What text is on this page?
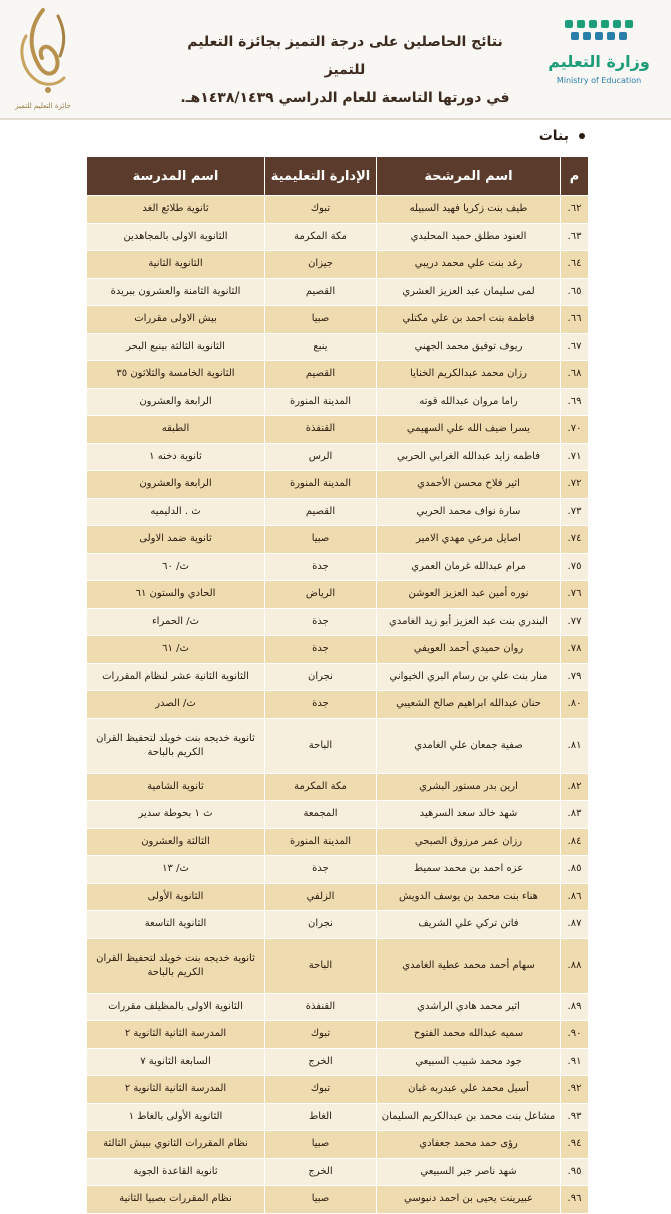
جائزة التعليم للتميز
نتائج الحاصلين على درجة التميز بجائزة التعليم للتميز
في دورتها التاسعة للعام الدراسي ١٤٣٨/١٤٣٩هـ.
وزارة التعليم
Ministry of Education
بنات
م	اسم المرشحة	الإدارة التعليمية	اسم المدرسة
٦٢.	طيف بنت زكريا فهيد السبيله	تبوك	ثانوية طلائع الغد
٦٣.	العنود مطلق حميد المحلبدي	مكة المكرمة	الثانوية الاولى بالمجاهدين
٦٤.	رغد بنت علي محمد دريبي	جيزان	الثانوية الثانية
٦٥.	لمى سليمان عبد العزيز العشري	القصيم	الثانوية الثامنة والعشرون ببريدة
٦٦.	فاطمة بنت احمد بن علي مكتلي	صبيا	بيش الاولى مقررات
٦٧.	ريوف توفيق محمد الجهني	ينبع	الثانوية الثالثة بينبع البحر
٦٨.	رزان محمد عبدالكريم الخنايا	القصيم	الثانوية الخامسة والثلاثون ٣٥
٦٩.	راما مروان عبدالله قوته	المدينة المنورة	الرابعة والعشرون
٧٠.	يسرا ضيف الله علي السهيمي	القنفذة	الطبقه
٧١.	فاطمه زايد عبدالله الغرابي الحربي	الرس	ثانوية دخنه ١
٧٢.	اثير فلاح محسن الأحمدي	المدينة المنورة	الرابعة والعشرون
٧٣.	سارة نواف محمد الحربي	القصيم	ث . الدليميه
٧٤.	اصايل مرعي مهدي الامير	صبيا	ثانوية ضمد الاولى
٧٥.	مرام عبدالله غرمان العمري	جدة	ث/ ٦٠
٧٦.	نوره أمين عبد العزيز العوشن	الرياض	الحادي والستون ٦١
٧٧.	البندري بنت عبد العزيز أبو زيد الغامدي	جدة	ث/ الحمراء
٧٨.	روان حميدي أحمد العويفي	جدة	ث/ ٦١
٧٩.	منار بنت علي بن رسام البري الخيواني	نجران	الثانوية الثانية عشر لنظام المقررات
٨٠.	حنان عبدالله ابراهيم صالح الشعيبي	جدة	ث/ الصدر
٨١.	صفية جمعان علي الغامدي	الباحة	ثانوية خديجه بنت خويلد لتحفيظ القران الكريم بالباحة
٨٢.	ارين بدر مستور البشري	مكة المكرمة	ثانوية الشامية
٨٣.	شهد خالد سعد السرهيد	المجمعة	ث ١ بحوطة سدير
٨٤.	رزان عمر مرزوق الصبحي	المدينة المنورة	الثالثة والعشرون
٨٥.	عزه احمد بن محمد سميط	جدة	ث/ ١٣
٨٦.	هناء بنت محمد بن يوسف الدويش	الزلفي	الثانوية الأولى
٨٧.	فاتن تركي علي الشريف	نجران	الثانوية التاسعة
٨٨.	سهام أحمد محمد عطية الغامدي	الباحة	ثانوية خديجه بنت خويلد لتحفيظ القران الكريم بالباحة
٨٩.	اثير محمد هادي الراشدي	القنفذة	الثانوية الاولى بالمظيلف مقررات
٩٠.	سميه عبدالله محمد الفتوح	تبوك	المدرسة الثانية الثانوية ٢
٩١.	جود محمد شبيب السبيعي	الخرج	السابعة الثانوية ٧
٩٢.	أسيل محمد علي عبدربه غبان	تبوك	المدرسة الثانية الثانوية ٢
٩٣.	مشاعل بنت محمد بن عبدالكريم السليمان	الغاط	الثانوية الأولى بالغاط ١
٩٤.	رؤى حمد محمد جعفادي	صبيا	نظام المقررات الثانوي ببيش الثالثة
٩٥.	شهد ناصر جبر السبيعي	الخرج	ثانوية القاعدة الجوية
٩٦.	عبيرينت يحيى بن احمد دنبوسي	صبيا	نظام المقررات بصبيا الثانية
